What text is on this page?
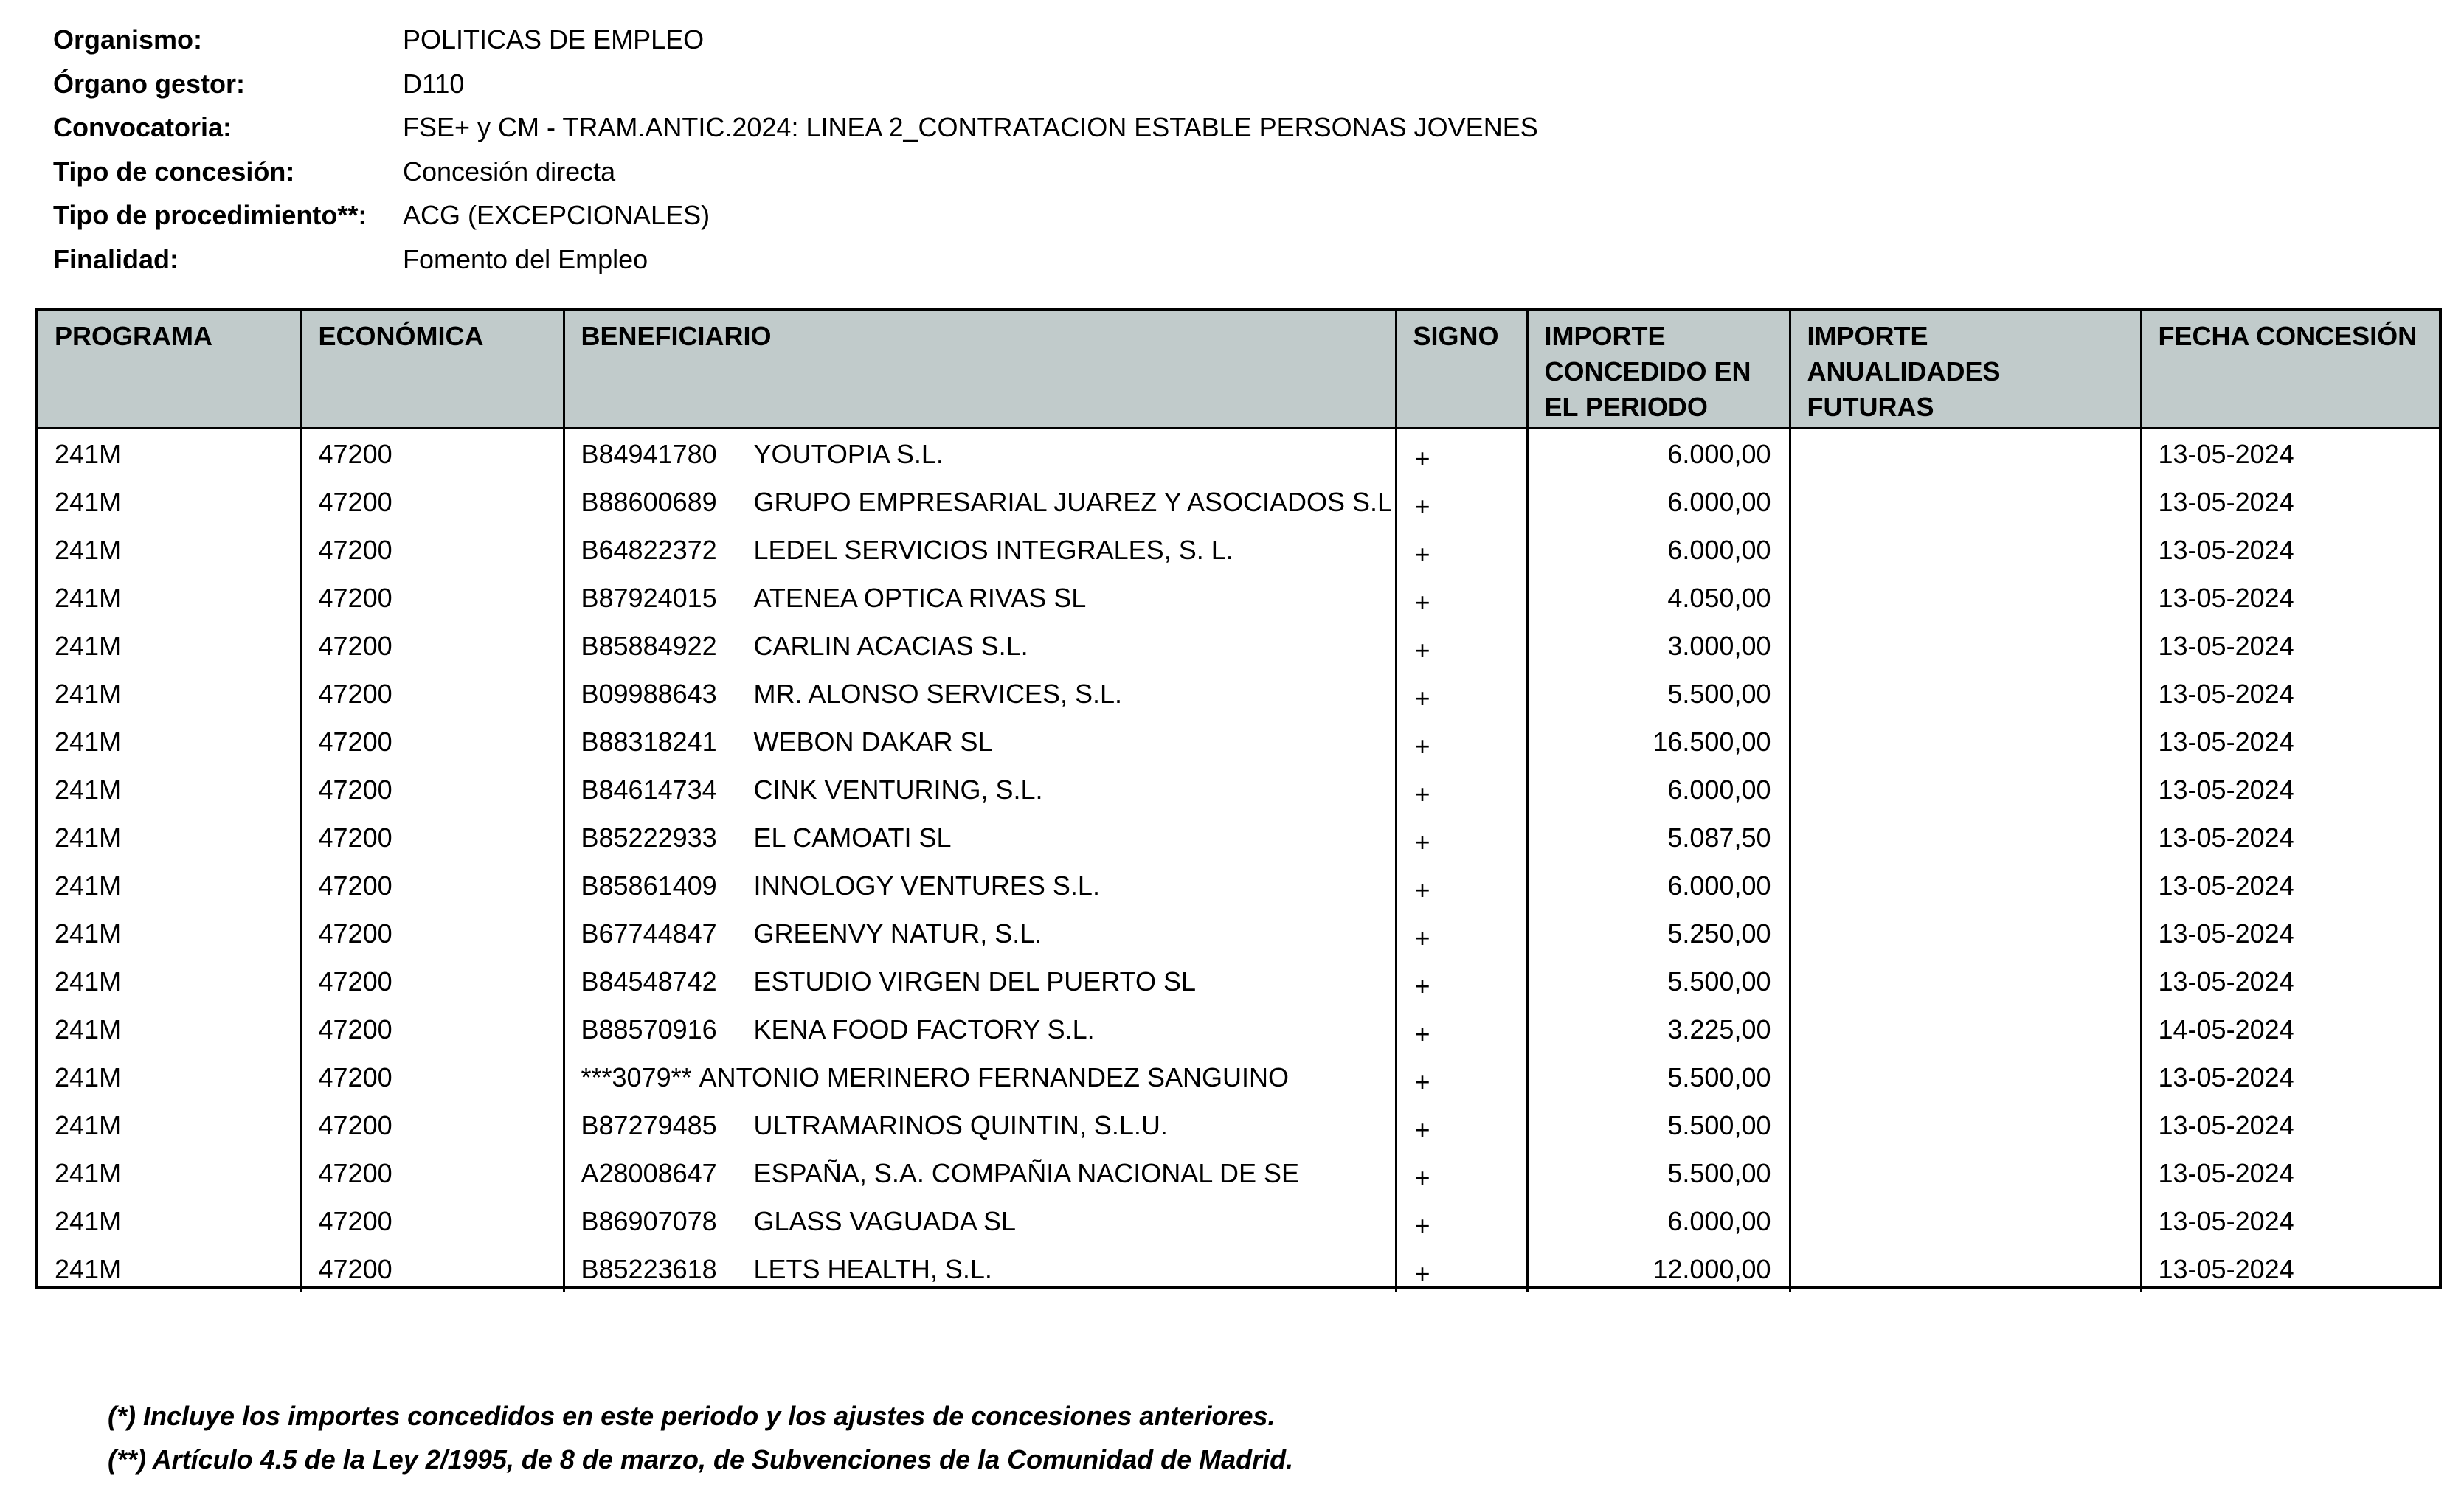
Organismo:	POLITICAS DE EMPLEO
Órgano gestor:	D110
Convocatoria:	FSE+ y CM - TRAM.ANTIC.2024: LINEA 2_CONTRATACION ESTABLE PERSONAS JOVENES
Tipo de concesión:	Concesión directa
Tipo de procedimiento**:	ACG (EXCEPCIONALES)
Finalidad:	Fomento del Empleo
PROGRAMA	ECONÓMICA	BENEFICIARIO	SIGNO	IMPORTE CONCEDIDO EN EL PERIODO	IMPORTE ANUALIDADES FUTURAS	FECHA CONCESIÓN
241M	47200	B84941780 YOUTOPIA S.L.	+	6.000,00		13-05-2024
241M	47200	B88600689 GRUPO EMPRESARIAL JUAREZ Y ASOCIADOS S.L	+	6.000,00		13-05-2024
241M	47200	B64822372 LEDEL SERVICIOS INTEGRALES, S. L.	+	6.000,00		13-05-2024
241M	47200	B87924015 ATENEA OPTICA RIVAS SL	+	4.050,00		13-05-2024
241M	47200	B85884922 CARLIN ACACIAS S.L.	+	3.000,00		13-05-2024
241M	47200	B09988643 MR. ALONSO SERVICES, S.L.	+	5.500,00		13-05-2024
241M	47200	B88318241 WEBON DAKAR SL	+	16.500,00		13-05-2024
241M	47200	B84614734 CINK VENTURING, S.L.	+	6.000,00		13-05-2024
241M	47200	B85222933 EL CAMOATI SL	+	5.087,50		13-05-2024
241M	47200	B85861409 INNOLOGY VENTURES S.L.	+	6.000,00		13-05-2024
241M	47200	B67744847 GREENVY NATUR, S.L.	+	5.250,00		13-05-2024
241M	47200	B84548742 ESTUDIO VIRGEN DEL PUERTO SL	+	5.500,00		13-05-2024
241M	47200	B88570916 KENA FOOD FACTORY S.L.	+	3.225,00		14-05-2024
241M	47200	***3079** ANTONIO MERINERO FERNANDEZ SANGUINO	+	5.500,00		13-05-2024
241M	47200	B87279485 ULTRAMARINOS QUINTIN, S.L.U.	+	5.500,00		13-05-2024
241M	47200	A28008647 ESPAÑA, S.A. COMPAÑIA NACIONAL DE SE	+	5.500,00		13-05-2024
241M	47200	B86907078 GLASS VAGUADA SL	+	6.000,00		13-05-2024
241M	47200	B85223618 LETS HEALTH, S.L.	+	12.000,00		13-05-2024

(*) Incluye los importes concedidos en este periodo y los ajustes de concesiones anteriores.
(**) Artículo 4.5 de la Ley 2/1995, de 8 de marzo, de Subvenciones de la Comunidad de Madrid.
